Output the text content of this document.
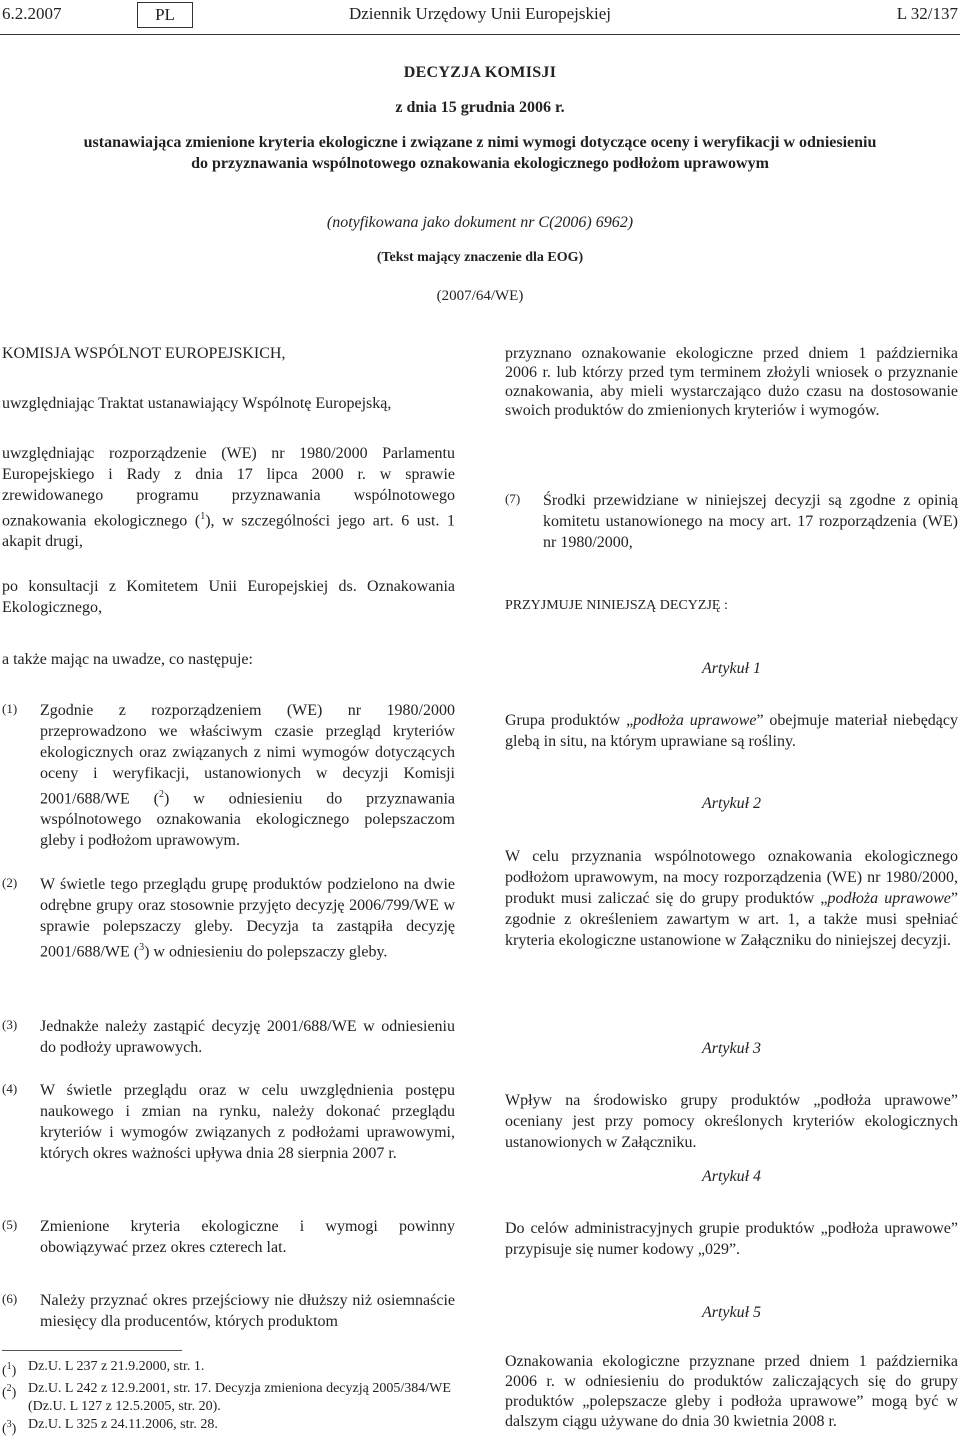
Dziennik Urzędowy Unii Europejskiej
6.2.2007	PL	L 32/137
DECYZJA KOMISJI
z dnia 15 grudnia 2006 r.
ustanawiająca zmienione kryteria ekologiczne i związane z nimi wymogi dotyczące oceny i weryfikacji w odniesieniu do przyznawania wspólnotowego oznakowania ekologicznego podłożom uprawowym
(notyfikowana jako dokument nr C(2006) 6962)
(Tekst mający znaczenie dla EOG)
(2007/64/WE)
KOMISJA WSPÓLNOT EUROPEJSKICH,
uwzględniając Traktat ustanawiający Wspólnotę Europejską,
uwzględniając rozporządzenie (WE) nr 1980/2000 Parlamentu Europejskiego i Rady z dnia 17 lipca 2000 r. w sprawie zrewidowanego programu przyznawania wspólnotowego oznakowania ekologicznego ($^1$), w szczególności jego art. 6 ust. 1 akapit drugi,
po konsultacji z Komitetem Unii Europejskiej ds. Oznakowania Ekologicznego,
a także mając na uwadze, co następuje:
(1) Zgodnie z rozporządzeniem (WE) nr 1980/2000 przeprowadzono we właściwym czasie przegląd kryteriów ekologicznych oraz związanych z nimi wymogów dotyczących oceny i weryfikacji, ustanowionych w decyzji Komisji 2001/688/WE ($^2$) w odniesieniu do przyznawania wspólnotowego oznakowania ekologicznego polepszaczom gleby i podłożom uprawowym.
(2) W świetle tego przeglądu grupę produktów podzielono na dwie odrębne grupy oraz stosownie przyjęto decyzję 2006/799/WE w sprawie polepszaczy gleby. Decyzja ta zastąpiła decyzję 2001/688/WE ($^3$) w odniesieniu do polepszaczy gleby.
(3) Jednakże należy zastąpić decyzję 2001/688/WE w odniesieniu do podłoży uprawowych.
(4) W świetle przeglądu oraz w celu uwzględnienia postępu naukowego i zmian na rynku, należy dokonać przeglądu kryteriów i wymogów związanych z podłożami uprawowymi, których okres ważności upływa dnia 28 sierpnia 2007 r.
(5) Zmienione kryteria ekologiczne i wymogi powinny obowiązywać przez okres czterech lat.
(6) Należy przyznać okres przejściowy nie dłuższy niż osiemnaście miesięcy dla producentów, których produktom
($^1$) Dz.U. L 237 z 21.9.2000, str. 1.
($^2$) Dz.U. L 242 z 12.9.2001, str. 17. Decyzja zmieniona decyzją 2005/384/WE (Dz.U. L 127 z 12.5.2005, str. 20).
($^3$) Dz.U. L 325 z 24.11.2006, str. 28.
przyznano oznakowanie ekologiczne przed dniem 1 października 2006 r. lub którzy przed tym terminem złożyli wniosek o przyznanie oznakowania, aby mieli wystarczająco dużo czasu na dostosowanie swoich produktów do zmienionych kryteriów i wymogów.
(7) Środki przewidziane w niniejszej decyzji są zgodne z opinią komitetu ustanowionego na mocy art. 17 rozporządzenia (WE) nr 1980/2000,
PRZYJMUJE NINIEJSZĄ DECYZJĘ :
Artykuł 1
Grupa produktów „podłoża uprawowe” obejmuje materiał niebędący glebą in situ, na którym uprawiane są rośliny.
Artykuł 2
W celu przyznania wspólnotowego oznakowania ekologicznego podłożom uprawowym, na mocy rozporządzenia (WE) nr 1980/2000, produkt musi zaliczać się do grupy produktów „podłoża uprawowe” zgodnie z określeniem zawartym w art. 1, a także musi spełniać kryteria ekologiczne ustanowione w Załączniku do niniejszej decyzji.
Artykuł 3
Wpływ na środowisko grupy produktów „podłoża uprawowe” oceniany jest przy pomocy określonych kryteriów ekologicznych ustanowionych w Załączniku.
Artykuł 4
Do celów administracyjnych grupie produktów „podłoża uprawowe” przypisuje się numer kodowy „029”.
Artykuł 5
Oznakowania ekologiczne przyznane przed dniem 1 października 2006 r. w odniesieniu do produktów zaliczających się do grupy produktów „polepszacze gleby i podłoża uprawowe” mogą być w dalszym ciągu używane do dnia 30 kwietnia 2008 r.
